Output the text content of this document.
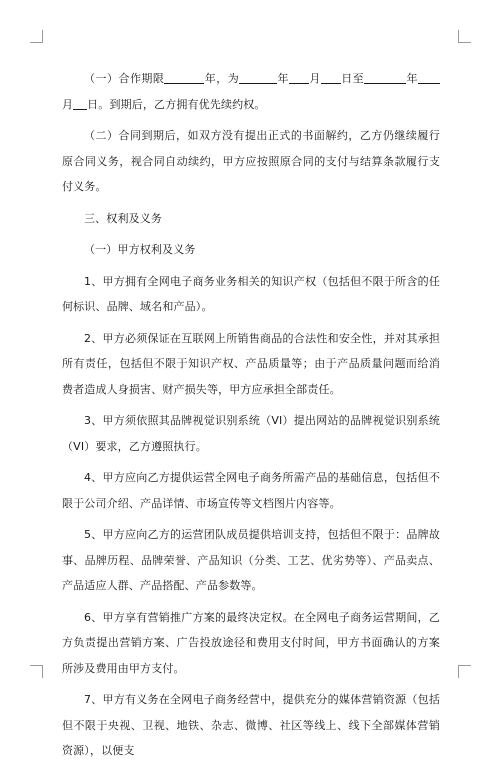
（一）合作期限	年，为	年 月 日至	年月 日。到期后，乙方拥有优先续约权。

（二）合同到期后，如双方没有提出正式的书面解约，乙方仍继续履行原合同义务，视合同自动续约，甲方应按照原合同的支付与结算条款履行支付义务。

三、权利及义务

（一）甲方权利及义务

1、甲方拥有全网电子商务业务相关的知识产权（包括但不限于所含的任何标识、品牌、域名和产品）。

2、甲方必须保证在互联网上所销售商品的合法性和安全性，并对其承担所有责任，包括但不限于知识产权、产品质量等；由于产品质量问题而给消费者造成人身损害、财产损失等，甲方应承担全部责任。

3、甲方须依照其品牌视觉识别系统（VI）提出网站的品牌视觉识别系统（VI）要求，乙方遵照执行。

4、甲方应向乙方提供运营全网电子商务所需产品的基础信息，包括但不限于公司介绍、产品详情、市场宣传等文档图片内容等。

5、甲方应向乙方的运营团队成员提供培训支持，包括但不限于：品牌故事、品牌历程、品牌荣誉、产品知识（分类、工艺、优劣势等）、产品卖点、产品适应人群、产品搭配、产品参数等。

6、甲方享有营销推广方案的最终决定权。在全网电子商务运营期间，乙方负责提出营销方案、广告投放途径和费用支付时间，甲方书面确认的方案所涉及费用由甲方支付。

7、甲方有义务在全网电子商务经营中，提供充分的媒体营销资源（包括但不限于央视、卫视、地铁、杂志、微博、社区等线上、线下全部媒体营销资源），以便支
